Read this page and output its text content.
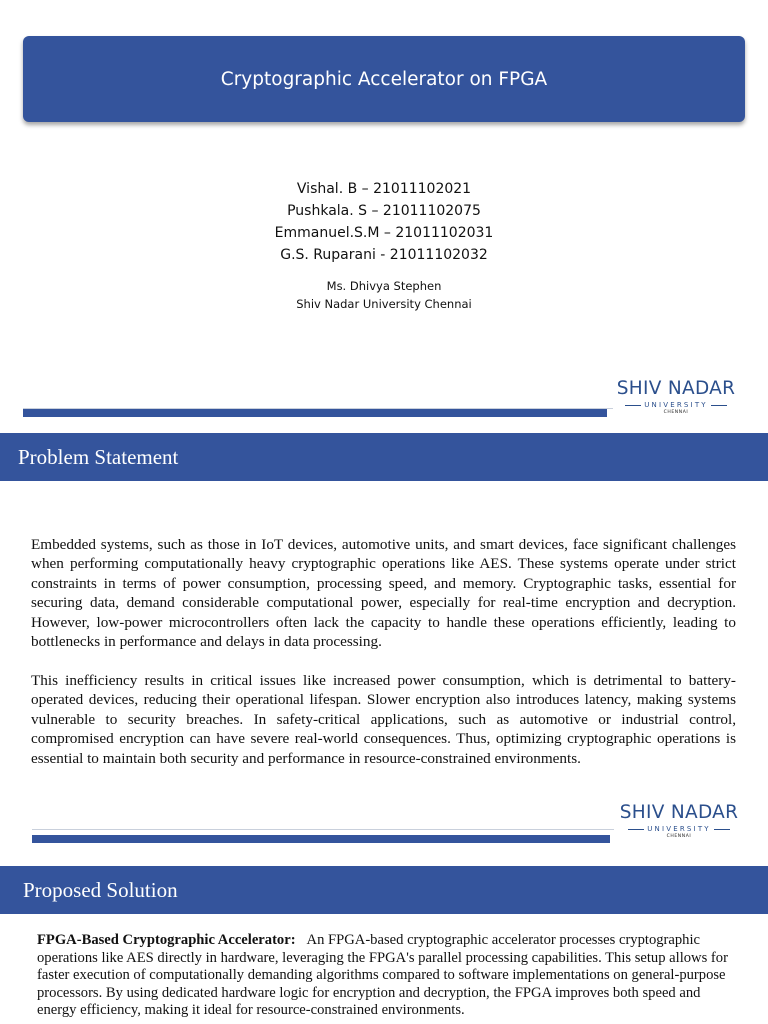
Cryptographic Accelerator on FPGA
Vishal. B – 21011102021
Pushkala. S – 21011102075
Emmanuel.S.M – 21011102031
G.S. Ruparani - 21011102032
Ms. Dhivya Stephen
Shiv Nadar University Chennai
SHIV NADAR
UNIVERSITY
CHENNAI
Problem Statement

Embedded systems, such as those in IoT devices, automotive units, and smart devices, face significant challenges when performing computationally heavy cryptographic operations like AES. These systems operate under strict constraints in terms of power consumption, processing speed, and memory. Cryptographic tasks, essential for securing data, demand considerable computational power, especially for real-time encryption and decryption. However, low-power microcontrollers often lack the capacity to handle these operations efficiently, leading to bottlenecks in performance and delays in data processing.

This inefficiency results in critical issues like increased power consumption, which is detrimental to battery-operated devices, reducing their operational lifespan. Slower encryption also introduces latency, making systems vulnerable to security breaches. In safety-critical applications, such as automotive or industrial control, compromised encryption can have severe real-world consequences. Thus, optimizing cryptographic operations is essential to maintain both security and performance in resource-constrained environments.

SHIV NADAR
UNIVERSITY
CHENNAI
Proposed Solution

FPGA-Based Cryptographic Accelerator: An FPGA-based cryptographic accelerator processes cryptographic operations like AES directly in hardware, leveraging the FPGA's parallel processing capabilities. This setup allows for faster execution of computationally demanding algorithms compared to software implementations on general-purpose processors. By using dedicated hardware logic for encryption and decryption, the FPGA improves both speed and energy efficiency, making it ideal for resource-constrained environments.
